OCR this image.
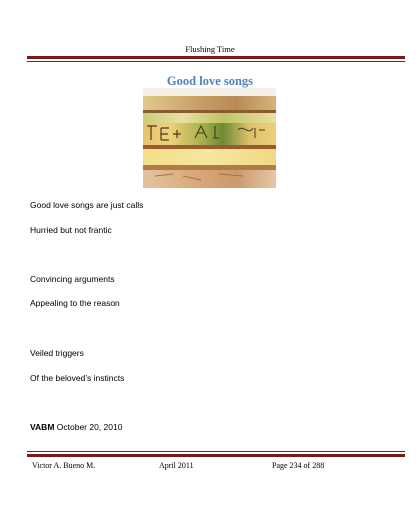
Flushing Time
Good love songs
Good love songs are just calls
Hurried but not frantic
Convincing arguments
Appealing to the reason
Veiled triggers
Of the beloved’s instincts
VABM October 20, 2010
Victor A. Bueno M.	April 2011	Page 234 of 288
